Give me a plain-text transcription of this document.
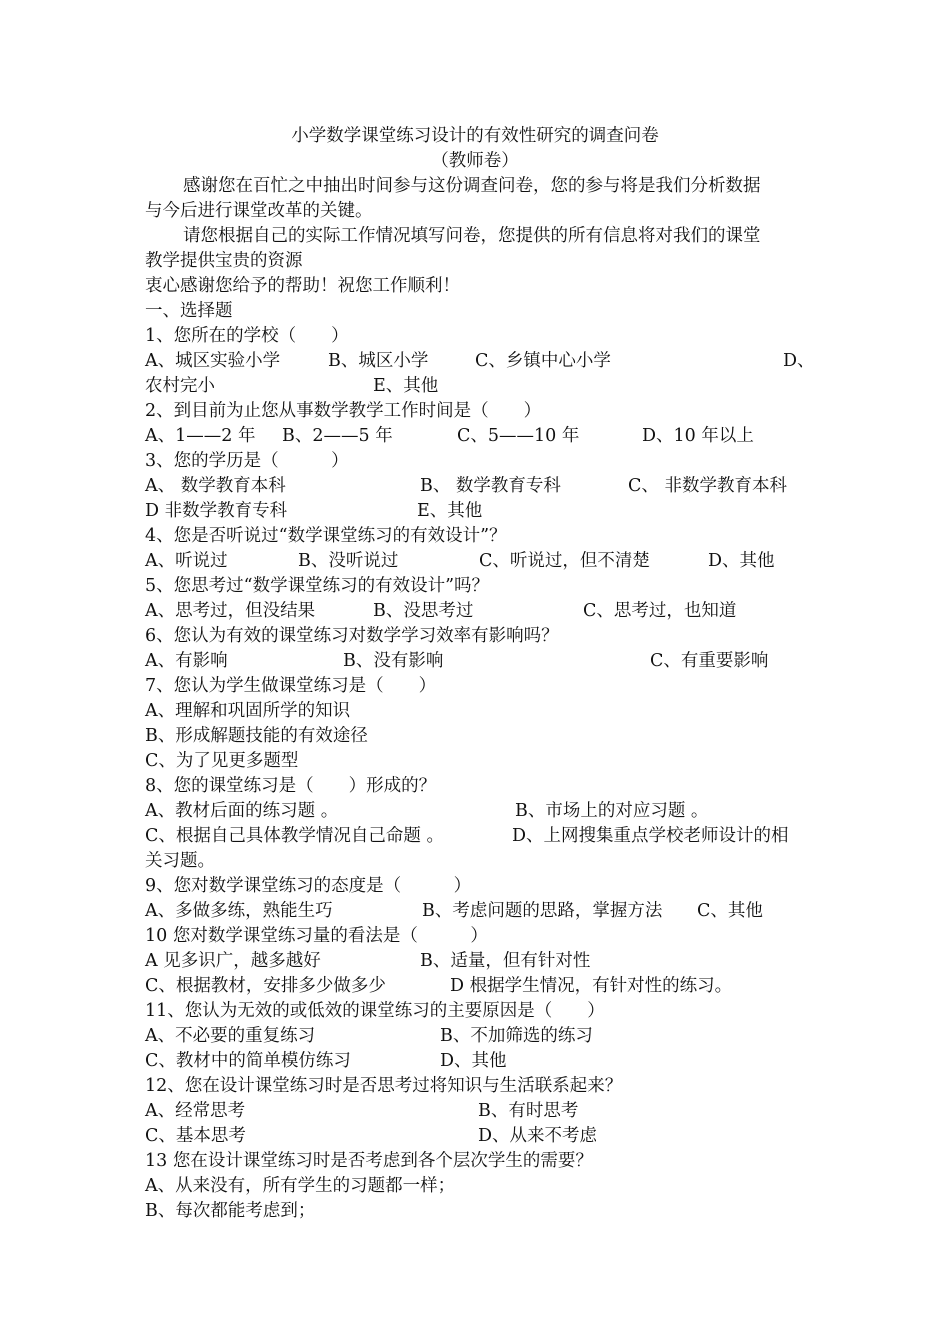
小学数学课堂练习设计的有效性研究的调查问卷
（教师卷）
感谢您在百忙之中抽出时间参与这份调查问卷，您的参与将是我们分析数据
与今后进行课堂改革的关键。
请您根据自己的实际工作情况填写问卷，您提供的所有信息将对我们的课堂
教学提供宝贵的资源
衷心感谢您给予的帮助！祝您工作顺利！
一、选择题
1、您所在的学校（　　）
A、城区实验小学	B、城区小学	C、乡镇中心小学	D、
农村完小	E、其他
2、到目前为止您从事数学教学工作时间是（　　）
A、1——2 年 B、2——5 年	C、5——10 年	D、10 年以上
3、您的学历是（　　　）
A、 数学教育本科	B、 数学教育专科	C、 非数学教育本科
D 非数学教育专科	E、其他
4、您是否听说过“数学课堂练习的有效设计”？
A、听说过	B、没听说过	C、听说过，但不清楚	D、其他
5、您思考过“数学课堂练习的有效设计”吗？
A、思考过，但没结果	B、没思考过	C、思考过，也知道
6、您认为有效的课堂练习对数学学习效率有影响吗？
A、有影响	B、没有影响	C、有重要影响
7、您认为学生做课堂练习是（　　）
A、理解和巩固所学的知识
B、形成解题技能的有效途径
C、为了见更多题型
8、您的课堂练习是（　　）形成的？
A、教材后面的练习题 。	B、市场上的对应习题 。
C、根据自己具体教学情况自己命题 。	D、上网搜集重点学校老师设计的相
关习题。
9、您对数学课堂练习的态度是（　　　）
A、多做多练，熟能生巧	B、考虑问题的思路，掌握方法 C、其他
10 您对数学课堂练习量的看法是（　　　）
A 见多识广，越多越好	B、适量，但有针对性
C、根据教材，安排多少做多少	D 根据学生情况，有针对性的练习。
11、您认为无效的或低效的课堂练习的主要原因是（　　）
A、不必要的重复练习	B、不加筛选的练习
C、教材中的简单模仿练习	D、其他
12、您在设计课堂练习时是否思考过将知识与生活联系起来？
A、经常思考	B、有时思考
C、基本思考	D、从来不考虑
13 您在设计课堂练习时是否考虑到各个层次学生的需要？
A、从来没有，所有学生的习题都一样；
B、每次都能考虑到；
